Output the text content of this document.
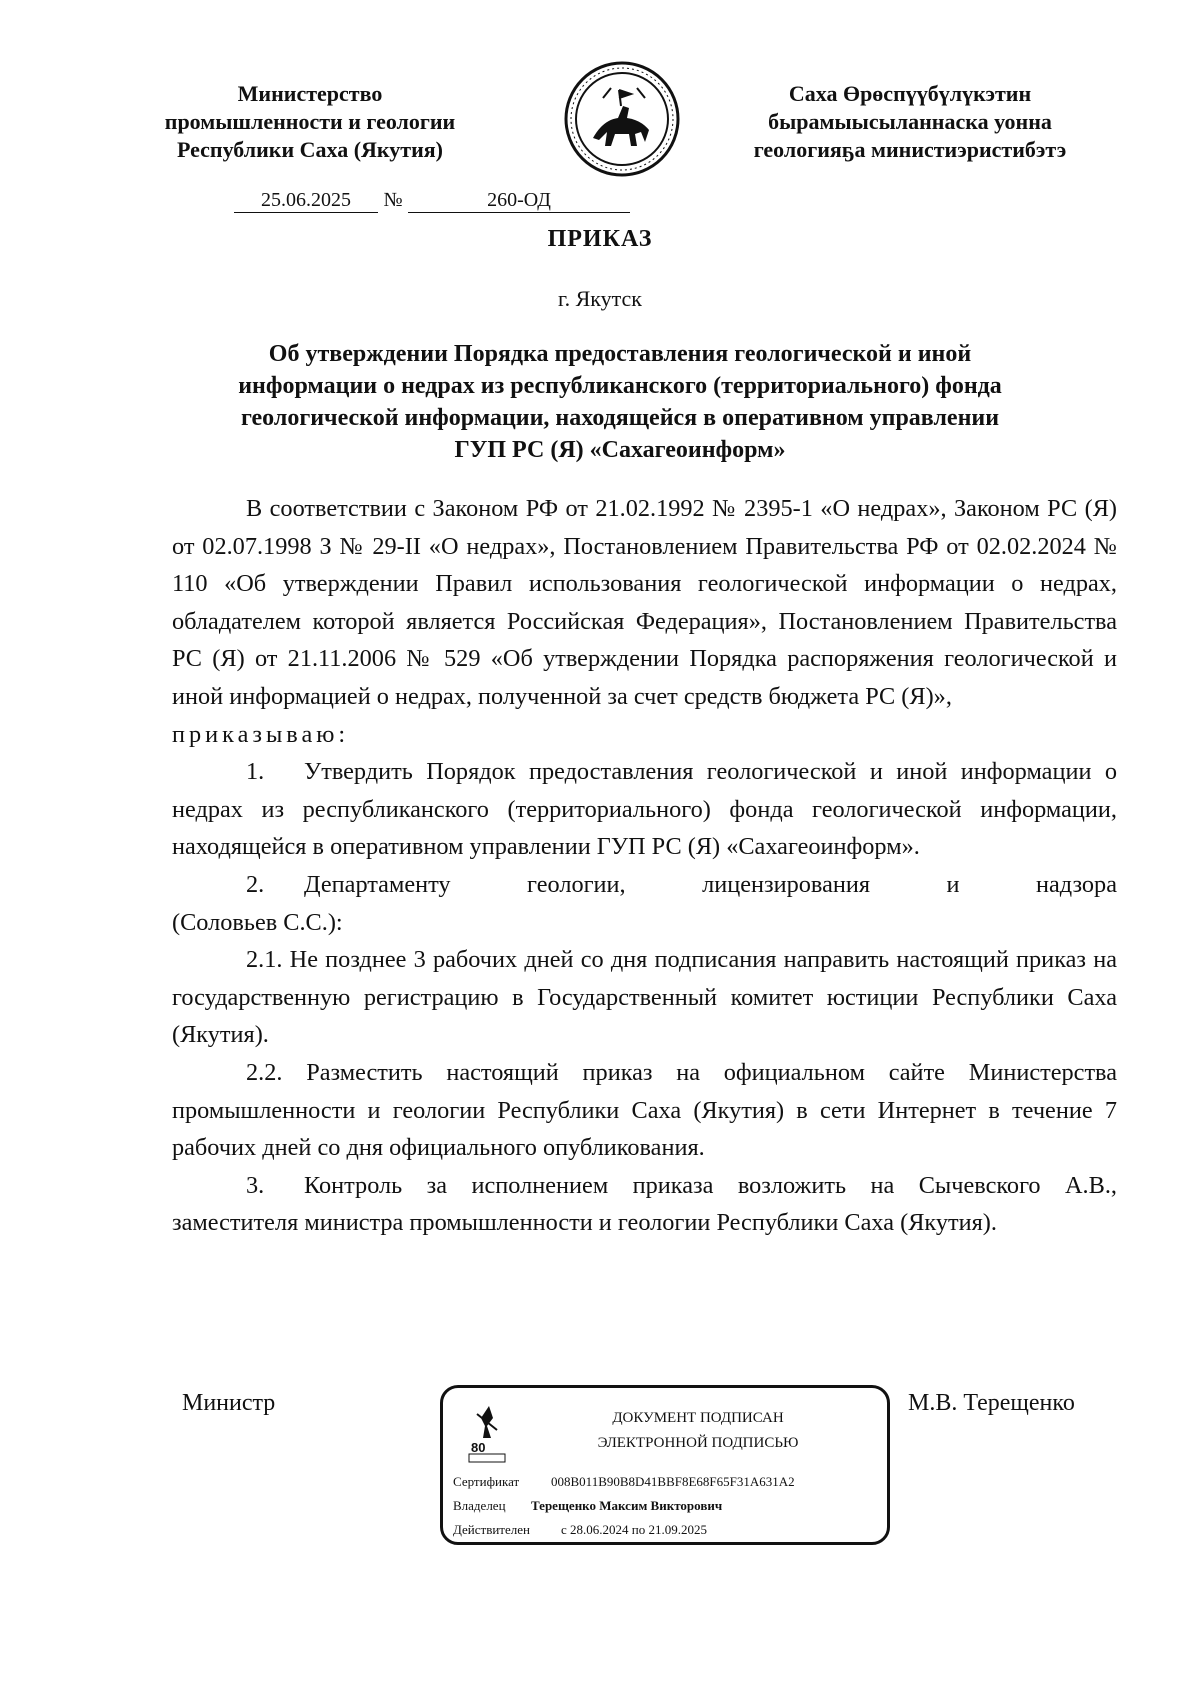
Министерство
промышленности и геологии
Республики Саха (Якутия)
Саха Өрөспүүбүлүкэтин
бырамыысыланнаска уонна
геологияҕа министиэристибэтэ
25.06.2025 №	260-ОД
ПРИКАЗ
г. Якутск
Об утверждении Порядка предоставления геологической и иной
информации о недрах из республиканского (территориального) фонда
геологической информации, находящейся в оперативном управлении
ГУП РС (Я) «Сахагеоинформ»
В соответствии с Законом РФ от 21.02.1992 № 2395-1 «О недрах», Законом РС (Я) от 02.07.1998 З № 29-II «О недрах», Постановлением Правительства РФ от 02.02.2024 № 110 «Об утверждении Правил использования геологической информации о недрах, обладателем которой является Российская Федерация», Постановлением Правительства РС (Я) от 21.11.2006 № 529 «Об утверждении Порядка распоряжения геологической и иной информацией о недрах, полученной за счет средств бюджета РС (Я)»,
приказываю:
1. Утвердить Порядок предоставления геологической и иной информации о недрах из республиканского (территориального) фонда геологической информации, находящейся в оперативном управлении ГУП РС (Я) «Сахагеоинформ».
2. Департаменту геологии, лицензирования и надзора
(Соловьев С.С.):
2.1. Не позднее 3 рабочих дней со дня подписания направить настоящий приказ на государственную регистрацию в Государственный комитет юстиции Республики Саха (Якутия).
2.2. Разместить настоящий приказ на официальном сайте Министерства промышленности и геологии Республики Саха (Якутия) в сети Интернет в течение 7 рабочих дней со дня официального опубликования.
3. Контроль за исполнением приказа возложить на Сычевского А.В., заместителя министра промышленности и геологии Республики Саха (Якутия).
Министр
80
ДОКУМЕНТ ПОДПИСАН
ЭЛЕКТРОННОЙ ПОДПИСЬЮ
Сертификат 008B011B90B8D41BBF8E68F65F31A631A2
Владелец Терещенко Максим Викторович
Действителен с 28.06.2024 по 21.09.2025
М.В. Терещенко
